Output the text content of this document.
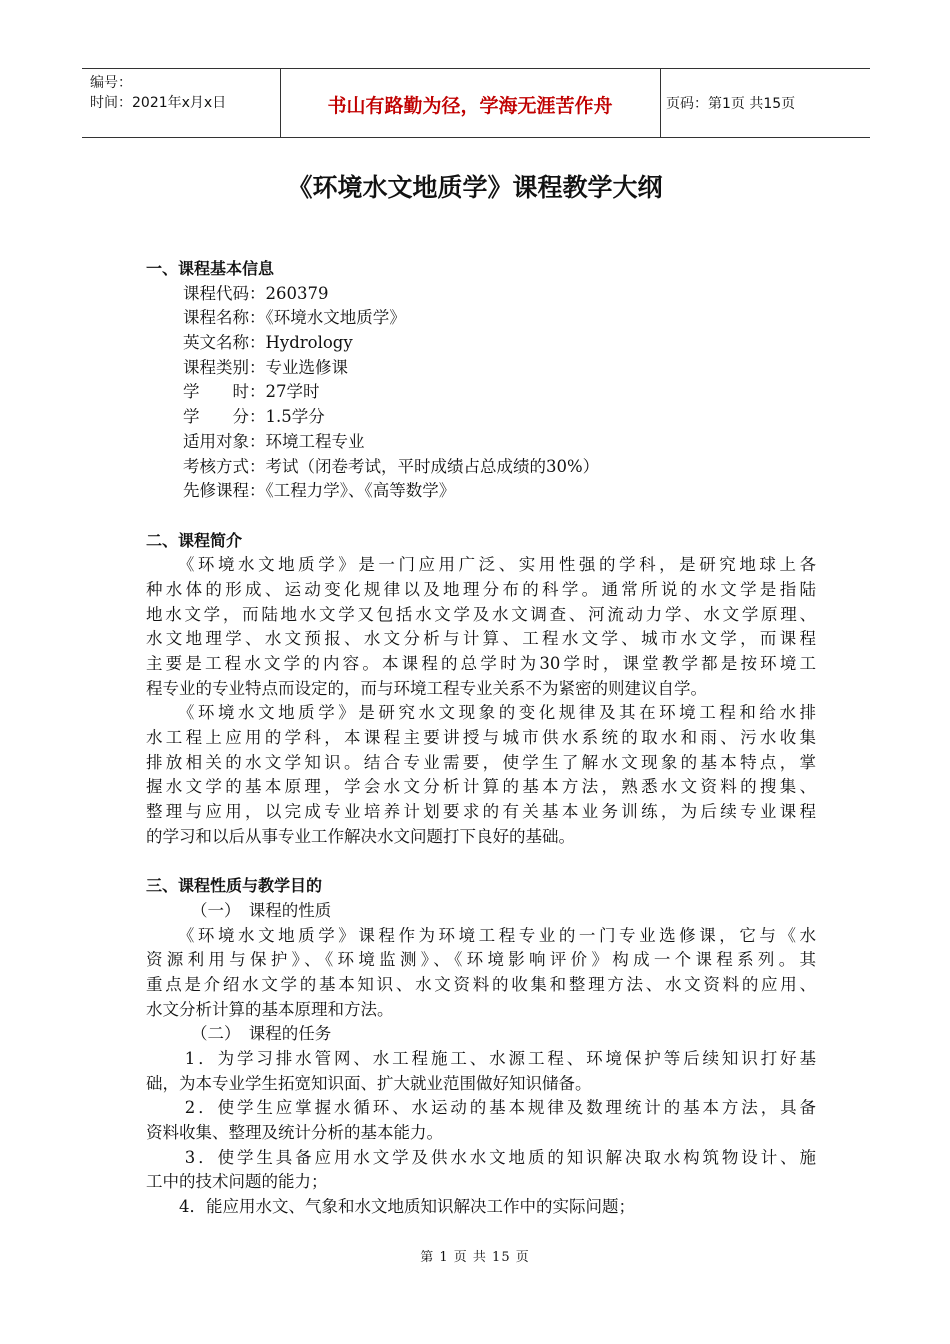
编号：
时间：2021年x月x日	书山有路勤为径，学海无涯苦作舟	页码：第1页 共15页
《环境水文地质学》课程教学大纲
一、课程基本信息
课程代码：260379
课程名称：《环境水文地质学》
英文名称：Hydrology
课程类别：专业选修课
学　　时：27学时
学　　分：1.5学分
适用对象：环境工程专业
考核方式：考试（闭卷考试，平时成绩占总成绩的30%）
先修课程：《工程力学》、《高等数学》
二、课程简介
　　《环境水文地质学》是一门应用广泛、实用性强的学科，是研究地球上各
种水体的形成、运动变化规律以及地理分布的科学。通常所说的水文学是指陆
地水文学，而陆地水文学又包括水文学及水文调查、河流动力学、水文学原理、
水文地理学、水文预报、水文分析与计算、工程水文学、城市水文学，而课程
主要是工程水文学的内容。本课程的总学时为30学时，课堂教学都是按环境工
程专业的专业特点而设定的，而与环境工程专业关系不为紧密的则建议自学。
　　《环境水文地质学》是研究水文现象的变化规律及其在环境工程和给水排
水工程上应用的学科，本课程主要讲授与城市供水系统的取水和雨、污水收集
排放相关的水文学知识。结合专业需要，使学生了解水文现象的基本特点，掌
握水文学的基本原理，学会水文分析计算的基本方法，熟悉水文资料的搜集、
整理与应用，以完成专业培养计划要求的有关基本业务训练，为后续专业课程
的学习和以后从事专业工作解决水文问题打下良好的基础。
三、课程性质与教学目的
（一）　课程的性质
　　《环境水文地质学》课程作为环境工程专业的一门专业选修课，它与《水
资源利用与保护》、《环境监测》、《环境影响评价》构成一个课程系列。其
重点是介绍水文学的基本知识、水文资料的收集和整理方法、水文资料的应用、
水文分析计算的基本原理和方法。
（二）　课程的任务
　　1．为学习排水管网、水工程施工、水源工程、环境保护等后续知识打好基
础，为本专业学生拓宽知识面、扩大就业范围做好知识储备。
　　2．使学生应掌握水循环、水运动的基本规律及数理统计的基本方法，具备
资料收集、整理及统计分析的基本能力。
　　3．使学生具备应用水文学及供水水文地质的知识解决取水构筑物设计、施
工中的技术问题的能力；
　　4．能应用水文、气象和水文地质知识解决工作中的实际问题；
第 1 页 共 15 页
